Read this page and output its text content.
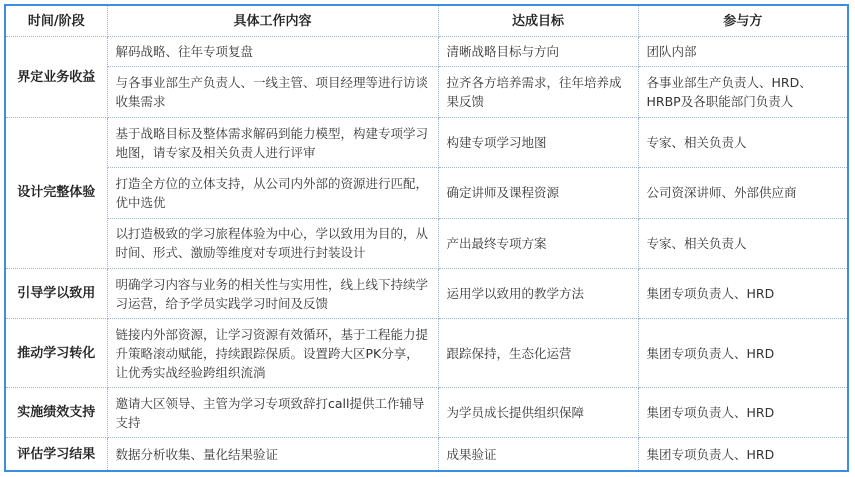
时间/阶段	具体工作内容	达成目标	参与方
界定业务收益	解码战略、往年专项复盘	清晰战略目标与方向	团队内部
	与各事业部生产负责人、一线主管、项目经理等进行访谈收集需求	拉齐各方培养需求，往年培养成果反馈	各事业部生产负责人、HRD、HRBP及各职能部门负责人
设计完整体验	基于战略目标及整体需求解码到能力模型，构建专项学习地图，请专家及相关负责人进行评审	构建专项学习地图	专家、相关负责人
	打造全方位的立体支持，从公司内外部的资源进行匹配，优中选优	确定讲师及课程资源	公司资深讲师、外部供应商
	以打造极致的学习旅程体验为中心，学以致用为目的，从时间、形式、激励等维度对专项进行封装设计	产出最终专项方案	专家、相关负责人
引导学以致用	明确学习内容与业务的相关性与实用性，线上线下持续学习运营，给予学员实践学习时间及反馈	运用学以致用的教学方法	集团专项负责人、HRD
推动学习转化	链接内外部资源，让学习资源有效循环，基于工程能力提升策略滚动赋能，持续跟踪保质。设置跨大区PK分享，让优秀实战经验跨组织流淌	跟踪保持，生态化运营	集团专项负责人、HRD
实施绩效支持	邀请大区领导、主管为学习专项致辞打call提供工作辅导支持	为学员成长提供组织保障	集团专项负责人、HRD
评估学习结果	数据分析收集、量化结果验证	成果验证	集团专项负责人、HRD
